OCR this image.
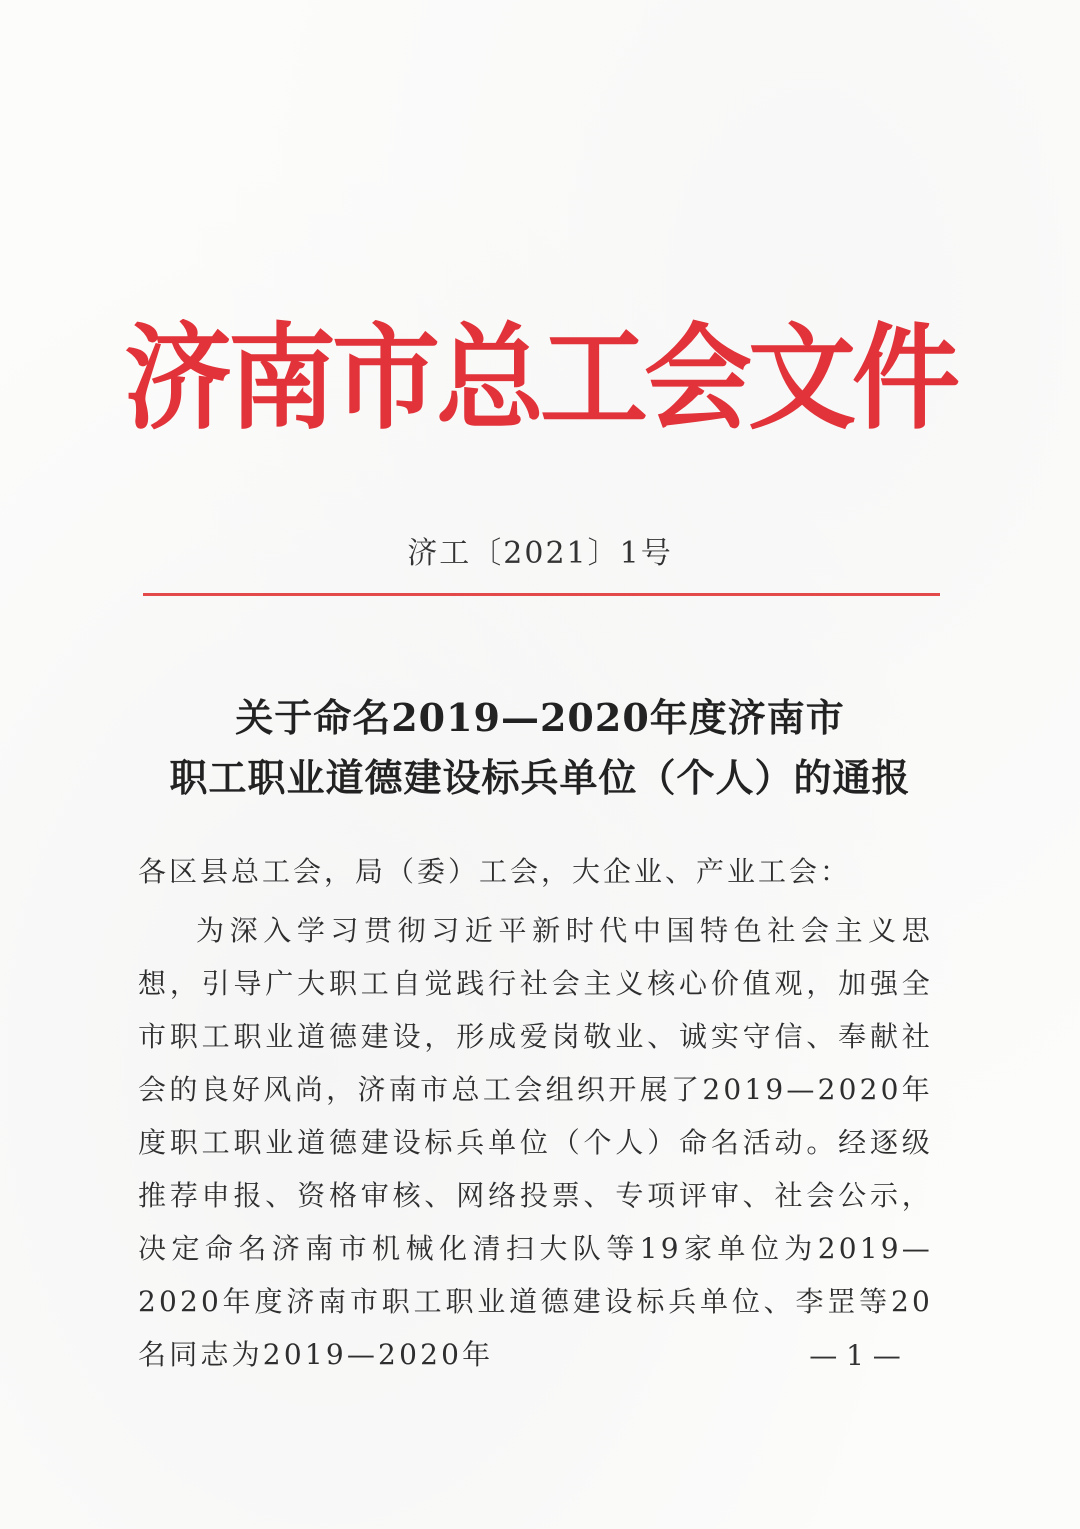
济南市总工会文件
济工〔2021〕1号
关于命名2019—2020年度济南市
职工职业道德建设标兵单位（个人）的通报
各区县总工会，局（委）工会，大企业、产业工会：
为深入学习贯彻习近平新时代中国特色社会主义思想，引导广大职工自觉践行社会主义核心价值观，加强全市职工职业道德建设，形成爱岗敬业、诚实守信、奉献社会的良好风尚，济南市总工会组织开展了2019—2020年度职工职业道德建设标兵单位（个人）命名活动。经逐级推荐申报、资格审核、网络投票、专项评审、社会公示，决定命名济南市机械化清扫大队等19家单位为2019—2020年度济南市职工职业道德建设标兵单位、李罡等20名同志为2019—2020年	— 1 —
